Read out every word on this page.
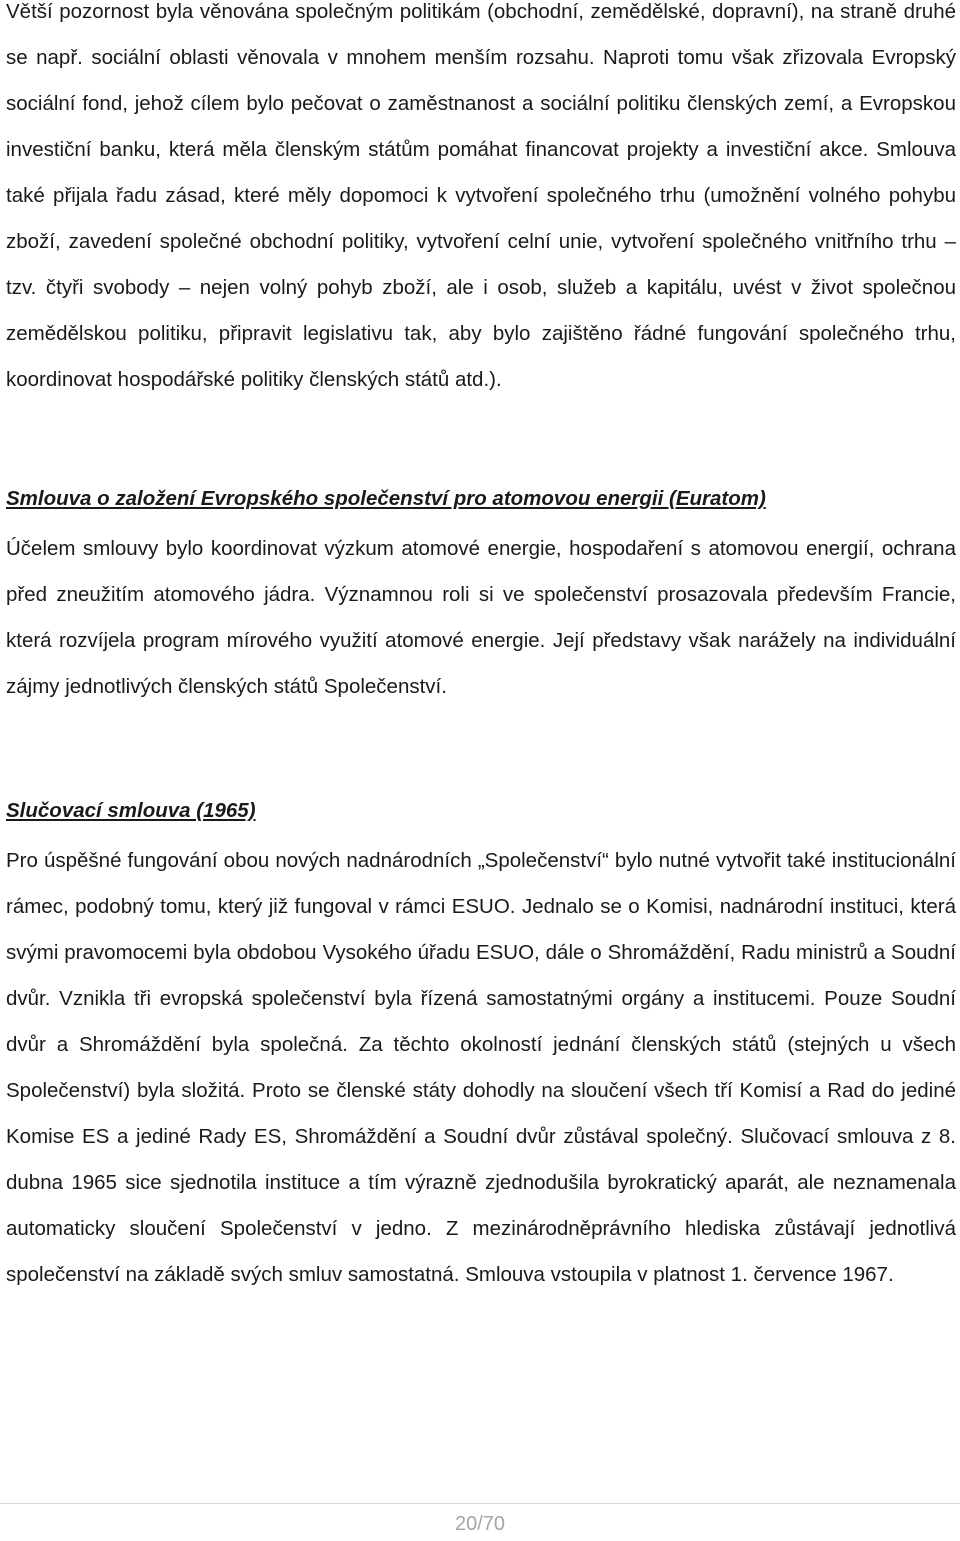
Větší pozornost byla věnována společným politikám (obchodní, zemědělské, dopravní), na straně druhé se např. sociální oblasti věnovala v mnohem menším rozsahu. Naproti tomu však zřizovala Evropský sociální fond, jehož cílem bylo pečovat o zaměstnanost a sociální politiku členských zemí, a Evropskou investiční banku, která měla členským státům pomáhat financovat projekty a investiční akce. Smlouva také přijala řadu zásad, které měly dopomoci k vytvoření společného trhu (umožnění volného pohybu zboží, zavedení společné obchodní politiky, vytvoření celní unie, vytvoření společného vnitřního trhu – tzv. čtyři svobody – nejen volný pohyb zboží, ale i osob, služeb a kapitálu, uvést v život společnou zemědělskou politiku, připravit legislativu tak, aby bylo zajištěno řádné fungování společného trhu, koordinovat hospodářské politiky členských států atd.).

Smlouva o založení Evropského společenství pro atomovou energii (Euratom)

Účelem smlouvy bylo koordinovat výzkum atomové energie, hospodaření s atomovou energií, ochrana před zneužitím atomového jádra. Významnou roli si ve společenství prosazovala především Francie, která rozvíjela program mírového využití atomové energie. Její představy však narážely na individuální zájmy jednotlivých členských států Společenství.

Slučovací smlouva (1965)

Pro úspěšné fungování obou nových nadnárodních „Společenství“ bylo nutné vytvořit také institucionální rámec, podobný tomu, který již fungoval v rámci ESUO. Jednalo se o Komisi, nadnárodní instituci, která svými pravomocemi byla obdobou Vysokého úřadu ESUO, dále o Shromáždění, Radu ministrů a Soudní dvůr. Vznikla tři evropská společenství byla řízená samostatnými orgány a institucemi. Pouze Soudní dvůr a Shromáždění byla společná. Za těchto okolností jednání členských států (stejných u všech Společenství) byla složitá. Proto se členské státy dohodly na sloučení všech tří Komisí a Rad do jediné Komise ES a jediné Rady ES, Shromáždění a Soudní dvůr zůstával společný. Slučovací smlouva z 8. dubna 1965 sice sjednotila instituce a tím výrazně zjednodušila byrokratický aparát, ale neznamenala automaticky sloučení Společenství v jedno. Z mezinárodněprávního hlediska zůstávají jednotlivá společenství na základě svých smluv samostatná. Smlouva vstoupila v platnost 1. července 1967.

20/70
